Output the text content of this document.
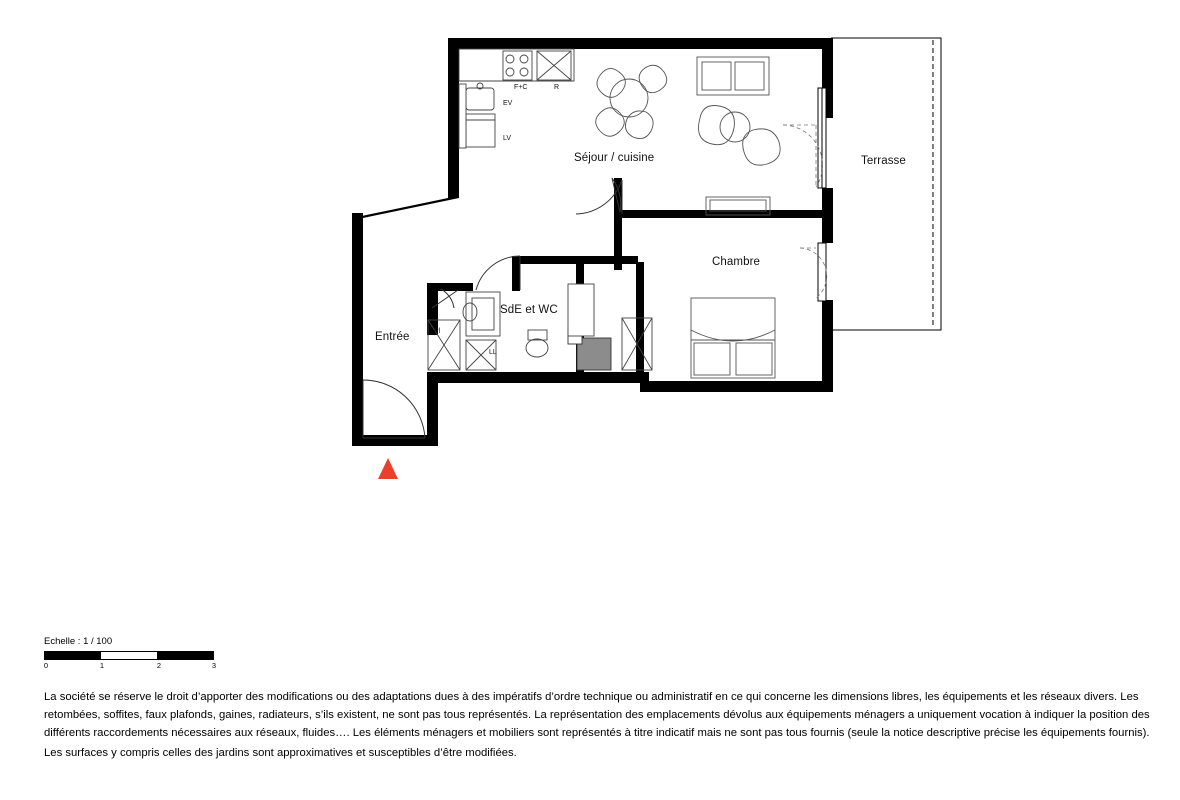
Séjour / cuisine	Terrasse
Chambre
SdE et WC
Entrée
F+C	R
EV
LV
Pl
Pl
LL
Echelle : 1 / 100
0	1	2	3

La société se réserve le droit d’apporter des modifications ou des adaptations dues à des impératifs d’ordre technique ou administratif en ce qui concerne les dimensions libres, les équipements et les réseaux divers. Les retombées, soffites, faux plafonds, gaines, radiateurs, s’ils existent, ne sont pas tous représentés. La représentation des emplacements dévolus aux équipements ménagers a uniquement vocation à indiquer la position des différents raccordements nécessaires aux réseaux, fluides…. Les éléments ménagers et mobiliers sont représentés à titre indicatif mais ne sont pas tous fournis (seule la notice descriptive précise les équipements fournis).

Les surfaces y compris celles des jardins sont approximatives et susceptibles d’être modifiées.
